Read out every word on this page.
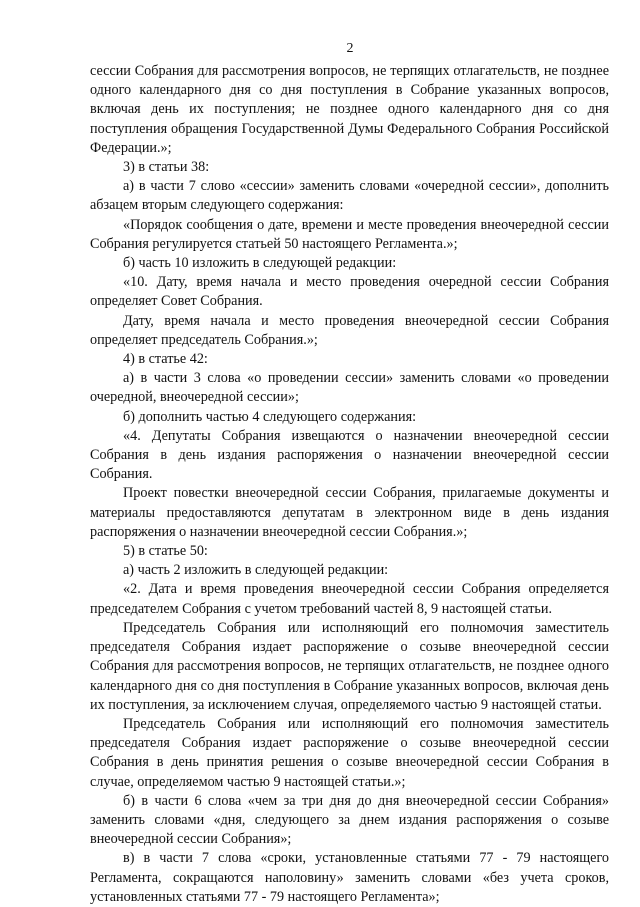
2

сессии Собрания для рассмотрения вопросов, не терпящих отлагательств, не позднее одного календарного дня со дня поступления в Собрание указанных вопросов, включая день их поступления; не позднее одного календарного дня со дня поступления обращения Государственной Думы Федерального Собрания Российской Федерации.»;

3) в статьи 38:

а) в части 7 слово «сессии» заменить словами «очередной сессии», дополнить абзацем вторым следующего содержания:

«Порядок сообщения о дате, времени и месте проведения внеочередной сессии Собрания регулируется статьей 50 настоящего Регламента.»;

б) часть 10 изложить в следующей редакции:

«10. Дату, время начала и место проведения очередной сессии Собрания определяет Совет Собрания.

Дату, время начала и место проведения внеочередной сессии Собрания определяет председатель Собрания.»;

4) в статье 42:

а) в части 3 слова «о проведении сессии» заменить словами «о проведении очередной, внеочередной сессии»;

б) дополнить частью 4 следующего содержания:

«4. Депутаты Собрания извещаются о назначении внеочередной сессии Собрания в день издания распоряжения о назначении внеочередной сессии Собрания.

Проект повестки внеочередной сессии Собрания, прилагаемые документы и материалы предоставляются депутатам в электронном виде в день издания распоряжения о назначении внеочередной сессии Собрания.»;

5) в статье 50:

а) часть 2 изложить в следующей редакции:

«2. Дата и время проведения внеочередной сессии Собрания определяется председателем Собрания с учетом требований частей 8, 9 настоящей статьи.

Председатель Собрания или исполняющий его полномочия заместитель председателя Собрания издает распоряжение о созыве внеочередной сессии Собрания для рассмотрения вопросов, не терпящих отлагательств, не позднее одного календарного дня со дня поступления в Собрание указанных вопросов, включая день их поступления, за исключением случая, определяемого частью 9 настоящей статьи.

Председатель Собрания или исполняющий его полномочия заместитель председателя Собрания издает распоряжение о созыве внеочередной сессии Собрания в день принятия решения о созыве внеочередной сессии Собрания в случае, определяемом частью 9 настоящей статьи.»;

б) в части 6 слова «чем за три дня до дня внеочередной сессии Собрания» заменить словами «дня, следующего за днем издания распоряжения о созыве внеочередной сессии Собрания»;

в) в части 7 слова «сроки, установленные статьями 77 - 79 настоящего Регламента, сокращаются наполовину» заменить словами «без учета сроков, установленных статьями 77 - 79 настоящего Регламента»;
